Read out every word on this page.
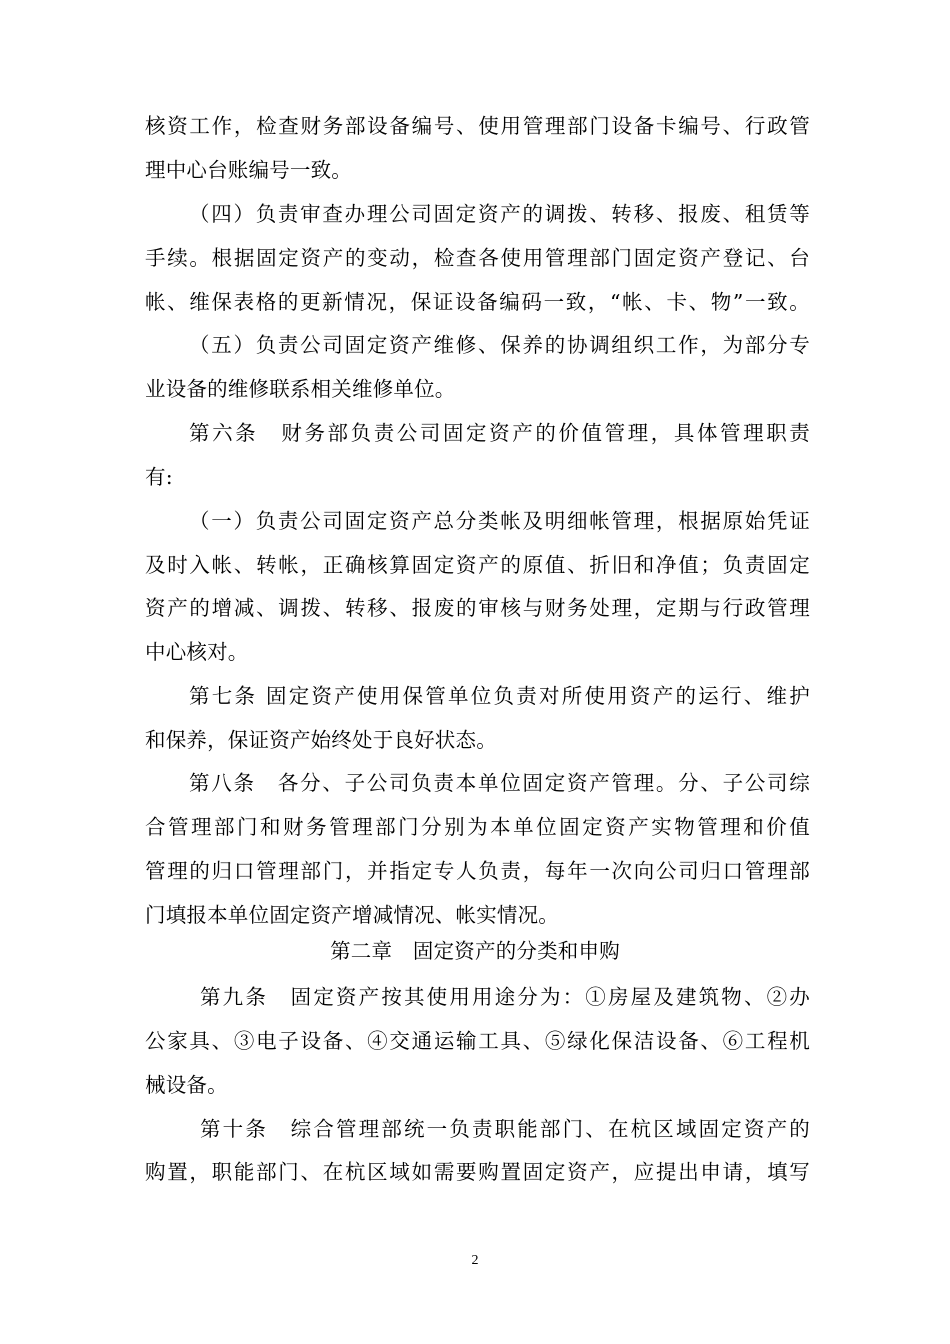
核资工作，检查财务部设备编号、使用管理部门设备卡编号、行政管
理中心台账编号一致。
（四）负责审查办理公司固定资产的调拨、转移、报废、租赁等
手续。根据固定资产的变动，检查各使用管理部门固定资产登记、台
帐、维保表格的更新情况，保证设备编码一致，“帐、卡、物”一致。
（五）负责公司固定资产维修、保养的协调组织工作，为部分专
业设备的维修联系相关维修单位。
第六条　财务部负责公司固定资产的价值管理，具体管理职责
有:
（一）负责公司固定资产总分类帐及明细帐管理，根据原始凭证
及时入帐、转帐，正确核算固定资产的原值、折旧和净值；负责固定
资产的增减、调拨、转移、报废的审核与财务处理，定期与行政管理
中心核对。
第七条 固定资产使用保管单位负责对所使用资产的运行、维护
和保养，保证资产始终处于良好状态。
第八条　各分、子公司负责本单位固定资产管理。分、子公司综
合管理部门和财务管理部门分别为本单位固定资产实物管理和价值
管理的归口管理部门，并指定专人负责，每年一次向公司归口管理部
门填报本单位固定资产增减情况、帐实情况。
第二章　固定资产的分类和申购
第九条　固定资产按其使用用途分为：①房屋及建筑物、②办
公家具、③电子设备、④交通运输工具、⑤绿化保洁设备、⑥工程机
械设备。
第十条　综合管理部统一负责职能部门、在杭区域固定资产的
购置，职能部门、在杭区域如需要购置固定资产，应提出申请，填写
2
